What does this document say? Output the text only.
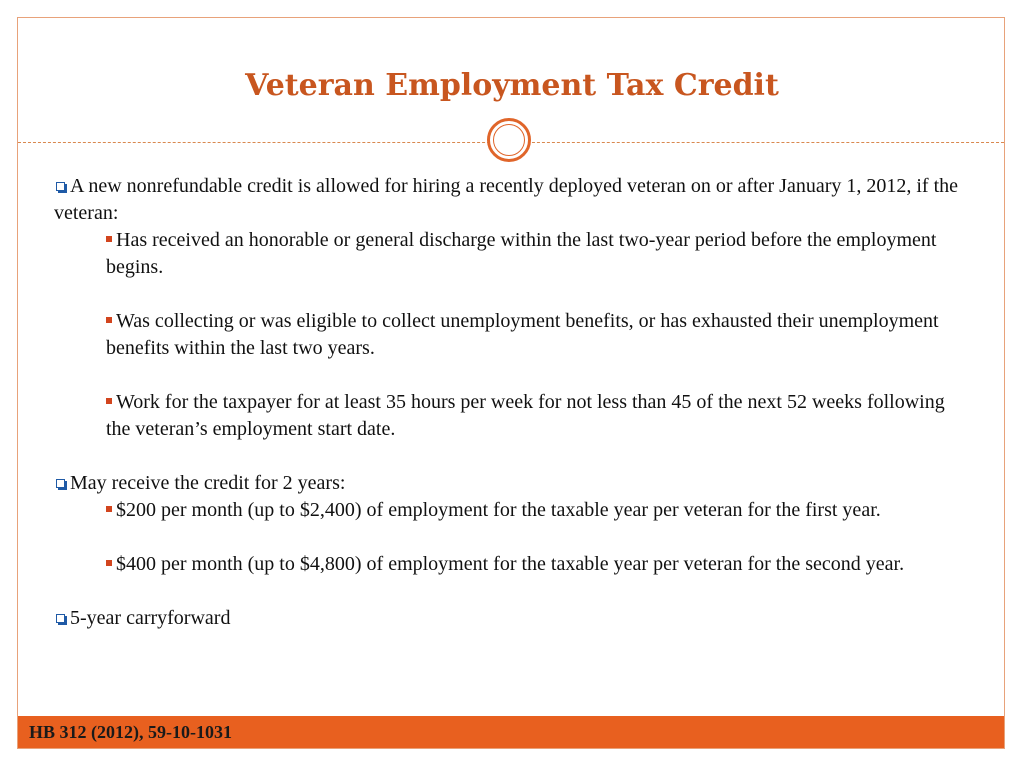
Veteran Employment Tax Credit

A new nonrefundable credit is allowed for hiring a recently deployed veteran on or after January 1, 2012, if the veteran:

Has received an honorable or general discharge within the last two-year period before the employment begins.

Was collecting or was eligible to collect unemployment benefits, or has exhausted their unemployment benefits within the last two years.

Work for the taxpayer for at least 35 hours per week for not less than 45 of the next 52 weeks following the veteran’s employment start date.

May receive the credit for 2 years:

$200 per month (up to $2,400) of employment for the taxable year per veteran for the first year.

$400 per month (up to $4,800) of employment for the taxable year per veteran for the second year.

5-year carryforward

HB 312 (2012), 59-10-1031
